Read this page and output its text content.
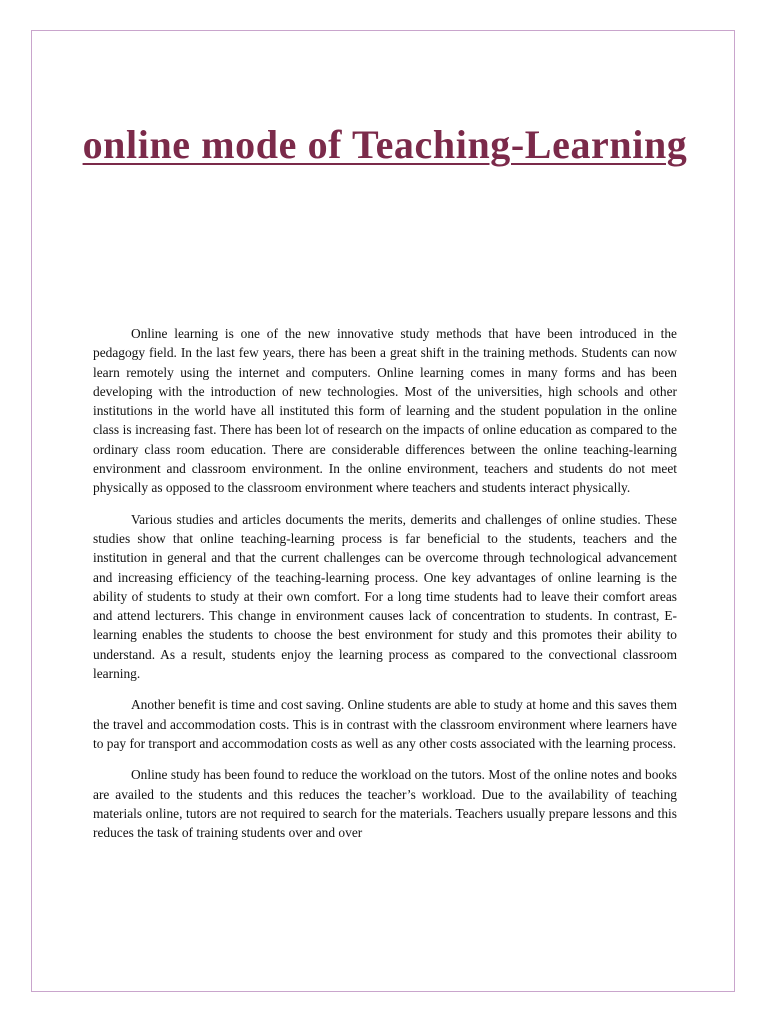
online mode of Teaching-Learning

Online learning is one of the new innovative study methods that have been introduced in the pedagogy field. In the last few years, there has been a great shift in the training methods. Students can now learn remotely using the internet and computers. Online learning comes in many forms and has been developing with the introduction of new technologies. Most of the universities, high schools and other institutions in the world have all instituted this form of learning and the student population in the online class is increasing fast. There has been lot of research on the impacts of online education as compared to the ordinary class room education. There are considerable differences between the online teaching-learning environment and classroom environment. In the online environment, teachers and students do not meet physically as opposed to the classroom environment where teachers and students interact physically.

Various studies and articles documents the merits, demerits and challenges of online studies. These studies show that online teaching-learning process is far beneficial to the students, teachers and the institution in general and that the current challenges can be overcome through technological advancement and increasing efficiency of the teaching-learning process. One key advantages of online learning is the ability of students to study at their own comfort. For a long time students had to leave their comfort areas and attend lecturers. This change in environment causes lack of concentration to students. In contrast, E-learning enables the students to choose the best environment for study and this promotes their ability to understand. As a result, students enjoy the learning process as compared to the convectional classroom learning.

Another benefit is time and cost saving. Online students are able to study at home and this saves them the travel and accommodation costs. This is in contrast with the classroom environment where learners have to pay for transport and accommodation costs as well as any other costs associated with the learning process.

Online study has been found to reduce the workload on the tutors. Most of the online notes and books are availed to the students and this reduces the teacher’s workload. Due to the availability of teaching materials online, tutors are not required to search for the materials. Teachers usually prepare lessons and this reduces the task of training students over and over
